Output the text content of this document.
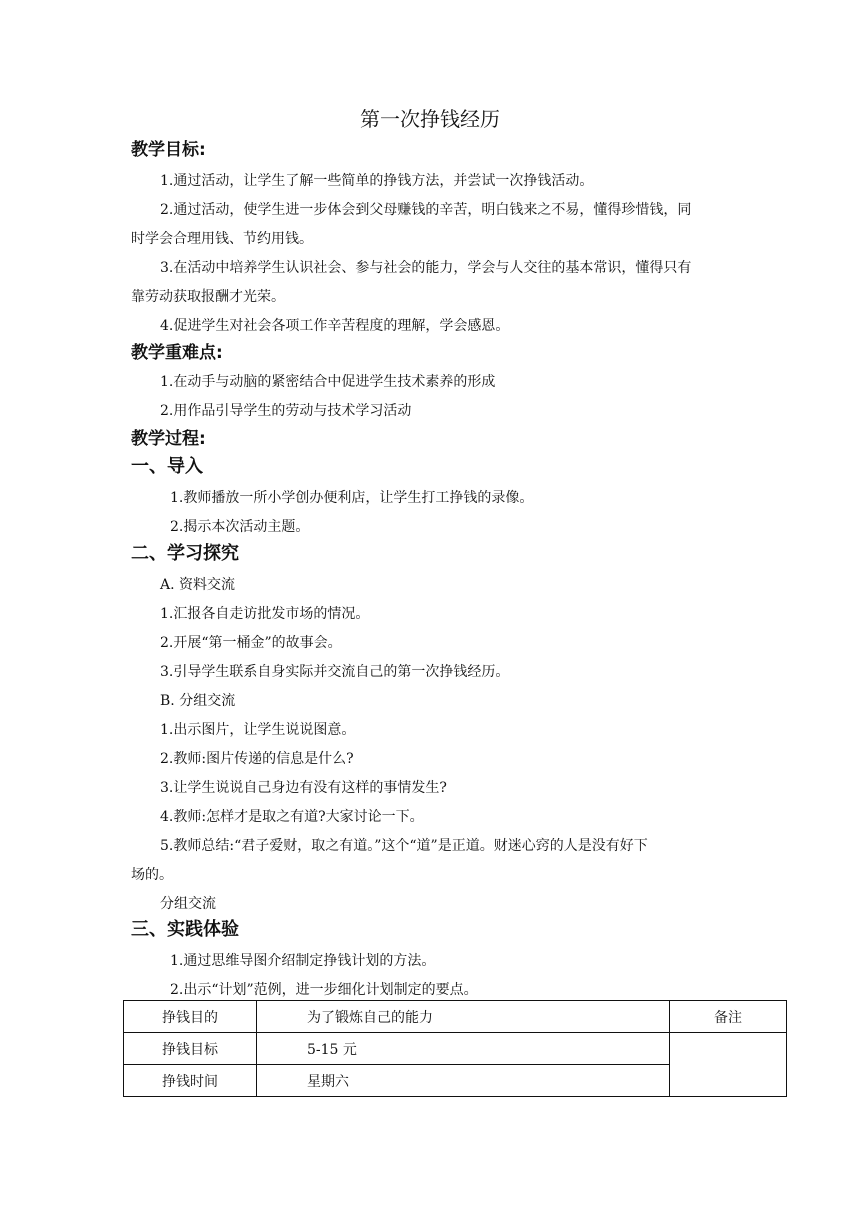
第一次挣钱经历
教学目标:
1.通过活动，让学生了解一些简单的挣钱方法，并尝试一次挣钱活动。
2.通过活动，使学生进一步体会到父母赚钱的辛苦，明白钱来之不易，懂得珍惜钱，同
时学会合理用钱、节约用钱。
3.在活动中培养学生认识社会、参与社会的能力，学会与人交往的基本常识，懂得只有
靠劳动获取报酬才光荣。
4.促进学生对社会各项工作辛苦程度的理解，学会感恩。
教学重难点:
1.在动手与动脑的紧密结合中促进学生技术素养的形成
2.用作品引导学生的劳动与技术学习活动
教学过程:
一、导入
1.教师播放一所小学创办便利店，让学生打工挣钱的录像。
2.揭示本次活动主题。
二、学习探究
A. 资料交流
1.汇报各自走访批发市场的情况。
2.开展“第一桶金”的故事会。
3.引导学生联系自身实际并交流自己的第一次挣钱经历。
B. 分组交流
1.出示图片，让学生说说图意。
2.教师:图片传递的信息是什么?
3.让学生说说自己身边有没有这样的事情发生?
4.教师:怎样才是取之有道?大家讨论一下。
5.教师总结:“君子爱财，取之有道。”这个“道”是正道。财迷心窍的人是没有好下
场的。
分组交流
三、实践体验
1.通过思维导图介绍制定挣钱计划的方法。
2.出示“计划”范例，进一步细化计划制定的要点。
挣钱目的	为了锻炼自己的能力	备注
挣钱目标	5-15 元	
挣钱时间	星期六	
